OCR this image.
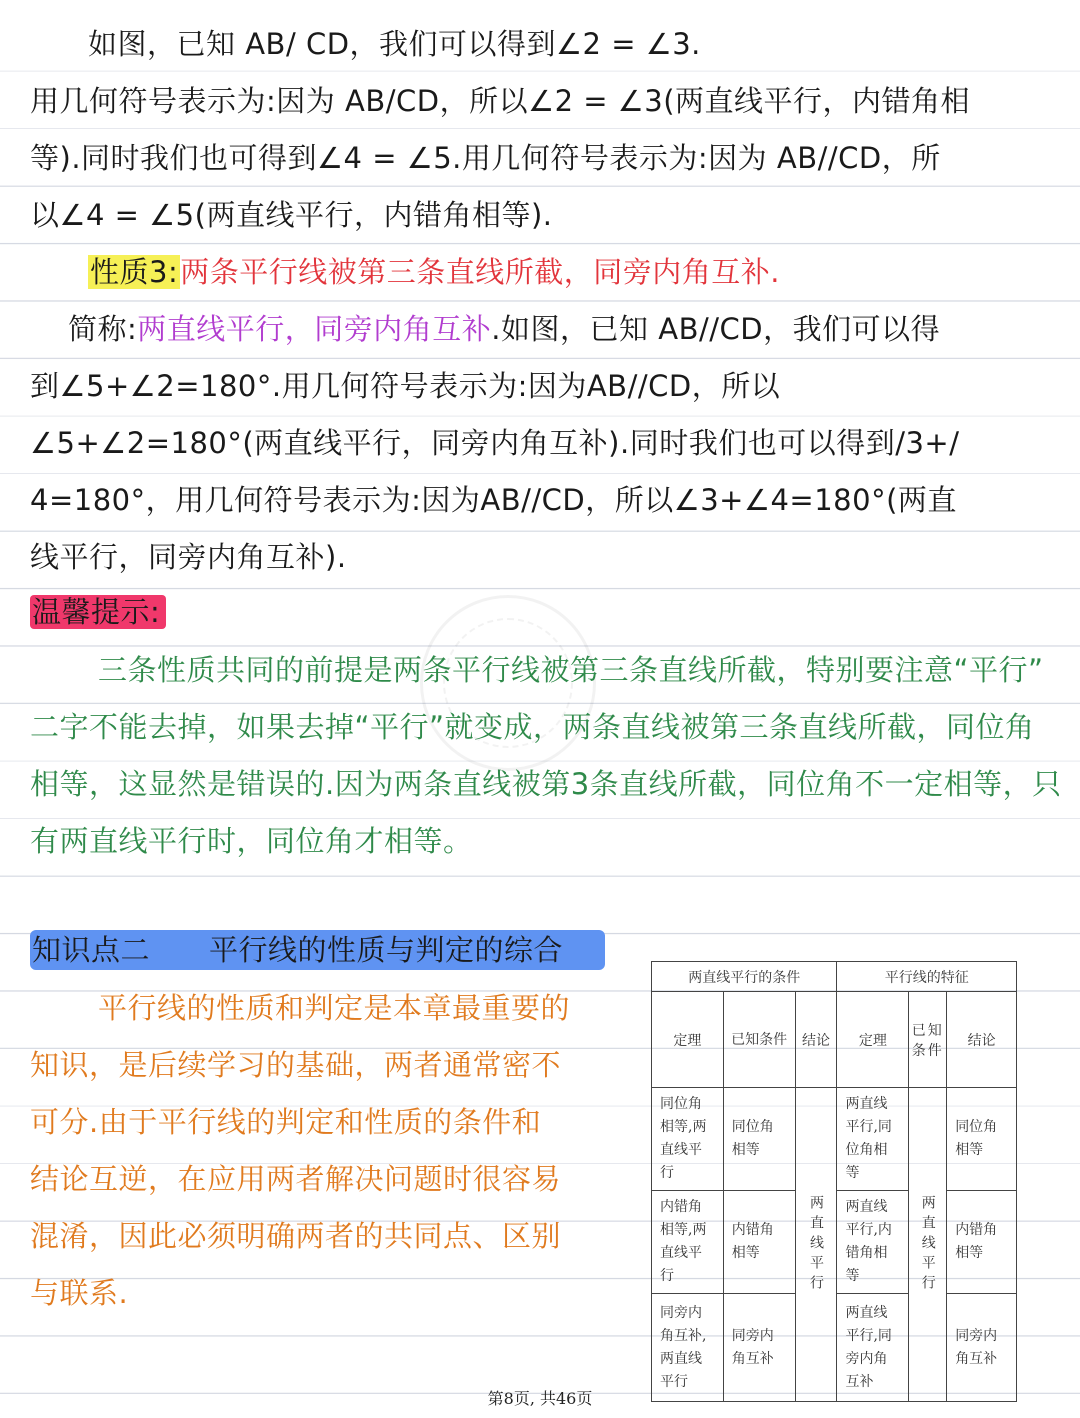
如图，已知 AB/ CD，我们可以得到∠2 = ∠3.
用几何符号表示为:因为 AB/CD，所以∠2 = ∠3(两直线平行，内错角相
等).同时我们也可得到∠4 = ∠5.用几何符号表示为:因为 AB//CD，所
以∠4 = ∠5(两直线平行，内错角相等).
性质3:两条平行线被第三条直线所截，同旁内角互补.
简称:两直线平行，同旁内角互补.如图，已知 AB//CD，我们可以得
到∠5+∠2=180°.用几何符号表示为:因为AB//CD，所以
∠5+∠2=180°(两直线平行，同旁内角互补).同时我们也可以得到/3+/
4=180°，用几何符号表示为:因为AB//CD，所以∠3+∠4=180°(两直
线平行，同旁内角互补).
温馨提示:
三条性质共同的前提是两条平行线被第三条直线所截，特别要注意“平行”
二字不能去掉，如果去掉“平行”就变成，两条直线被第三条直线所截，同位角
相等，这显然是错误的.因为两条直线被第3条直线所截，同位角不一定相等，只
有两直线平行时，同位角才相等。
知识点二　　平行线的性质与判定的综合
平行线的性质和判定是本章最重要的
知识，是后续学习的基础，两者通常密不
可分.由于平行线的判定和性质的条件和
结论互逆，在应用两者解决问题时很容易
混淆，因此必须明确两者的共同点、区别
与联系.
两直线平行的条件			平行线的特征		
定理	已知条件	结论	定理	已知条件	结论
同位角相等,两直线平行	同位角相等	两直线平行	两直线平行,同位角相等	两直线平行	同位角相等
内错角相等,两直线平行	内错角相等		两直线平行,内错角相等		内错角相等
同旁内角互补,两直线平行	同旁内角互补		两直线平行,同旁内角互补		同旁内角互补
第8页, 共46页
